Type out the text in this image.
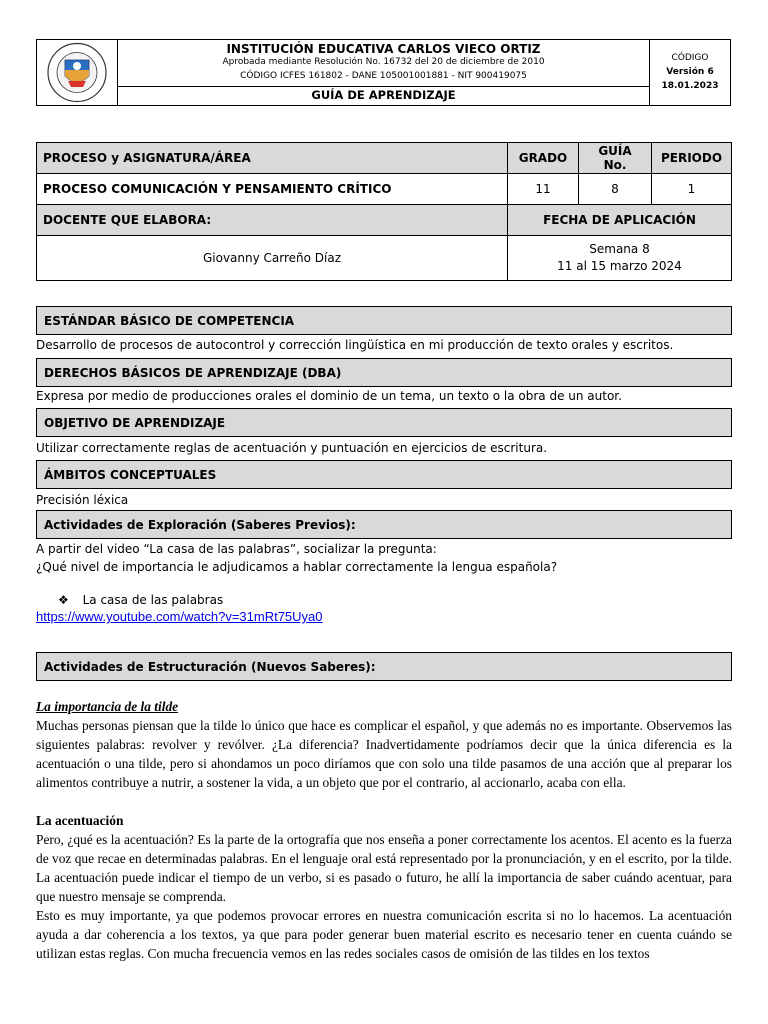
INSTITUCIÓN EDUCATIVA CARLOS VIECO ORTIZ
Aprobada mediante Resolución No. 16732 del 20 de diciembre de 2010
CÓDIGO ICFES 161802 - DANE 105001001881 - NIT 900419075
GUÍA DE APRENDIZAJE
CÓDIGO
Versión 6
18.01.2023
PROCESO y ASIGNATURA/ÁREA	GRADO	GUÍA No.	PERIODO
PROCESO COMUNICACIÓN Y PENSAMIENTO CRÍTICO	11	8	1
DOCENTE QUE ELABORA:	FECHA DE APLICACIÓN		
Giovanny Carreño Díaz	Semana 8
11 al 15 marzo 2024		
ESTÁNDAR BÁSICO DE COMPETENCIA
Desarrollo de procesos de autocontrol y corrección lingüística en mi producción de texto orales y escritos.
DERECHOS BÁSICOS DE APRENDIZAJE (DBA)
Expresa por medio de producciones orales el dominio de un tema, un texto o la obra de un autor.
OBJETIVO DE APRENDIZAJE
Utilizar correctamente reglas de acentuación y puntuación en ejercicios de escritura.
ÁMBITOS CONCEPTUALES
Precisión léxica
Actividades de Exploración (Saberes Previos):
A partir del video “La casa de las palabras”, socializar la pregunta:
¿Qué nivel de importancia le adjudicamos a hablar correctamente la lengua española?
❖ La casa de las palabras
https://www.youtube.com/watch?v=31mRt75Uya0
Actividades de Estructuración (Nuevos Saberes):

La importancia de la tilde

Muchas personas piensan que la tilde lo único que hace es complicar el español, y que además no es importante. Observemos las siguientes palabras: revolver y revólver. ¿La diferencia? Inadvertidamente podríamos decir que la única diferencia es la acentuación o una tilde, pero si ahondamos un poco diríamos que con solo una tilde pasamos de una acción que al preparar los alimentos contribuye a nutrir, a sostener la vida, a un objeto que por el contrario, al accionarlo, acaba con ella.

La acentuación

Pero, ¿qué es la acentuación? Es la parte de la ortografía que nos enseña a poner correctamente los acentos. El acento es la fuerza de voz que recae en determinadas palabras. En el lenguaje oral está representado por la pronunciación, y en el escrito, por la tilde. La acentuación puede indicar el tiempo de un verbo, si es pasado o futuro, he allí la importancia de saber cuándo acentuar, para que nuestro mensaje se comprenda.

Esto es muy importante, ya que podemos provocar errores en nuestra comunicación escrita si no lo hacemos. La acentuación ayuda a dar coherencia a los textos, ya que para poder generar buen material escrito es necesario tener en cuenta cuándo se utilizan estas reglas. Con mucha frecuencia vemos en las redes sociales casos de omisión de las tildes en los textos
